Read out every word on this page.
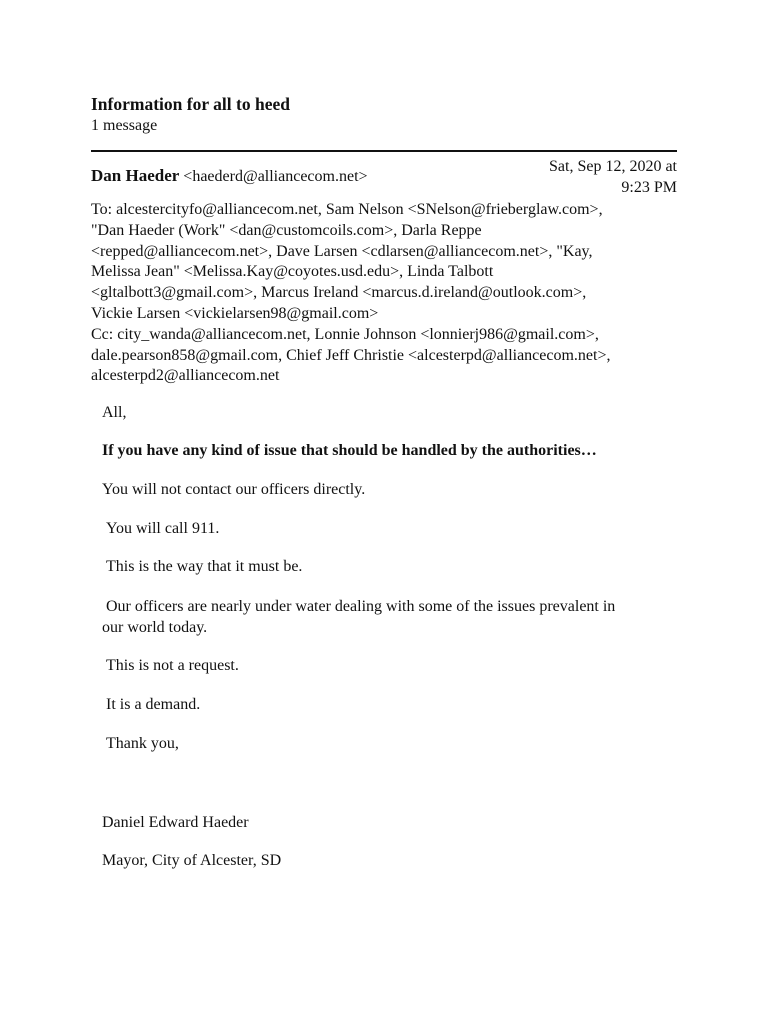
Information for all to heed
1 message
Dan Haeder <haederd@alliancecom.net>
Sat, Sep 12, 2020 at
9:23 PM
To: alcestercityfo@alliancecom.net, Sam Nelson <SNelson@frieberglaw.com>,
"Dan Haeder (Work" <dan@customcoils.com>, Darla Reppe
<repped@alliancecom.net>, Dave Larsen <cdlarsen@alliancecom.net>, "Kay,
Melissa Jean" <Melissa.Kay@coyotes.usd.edu>, Linda Talbott
<gltalbott3@gmail.com>, Marcus Ireland <marcus.d.ireland@outlook.com>,
Vickie Larsen <vickielarsen98@gmail.com>
Cc: city_wanda@alliancecom.net, Lonnie Johnson <lonnierj986@gmail.com>,
dale.pearson858@gmail.com, Chief Jeff Christie <alcesterpd@alliancecom.net>,
alcesterpd2@alliancecom.net
All,
If you have any kind of issue that should be handled by the authorities…
You will not contact our officers directly.
You will call 911.
This is the way that it must be.
Our officers are nearly under water dealing with some of the issues prevalent in
our world today.
This is not a request.
It is a demand.
Thank you,
Daniel Edward Haeder
Mayor, City of Alcester, SD
